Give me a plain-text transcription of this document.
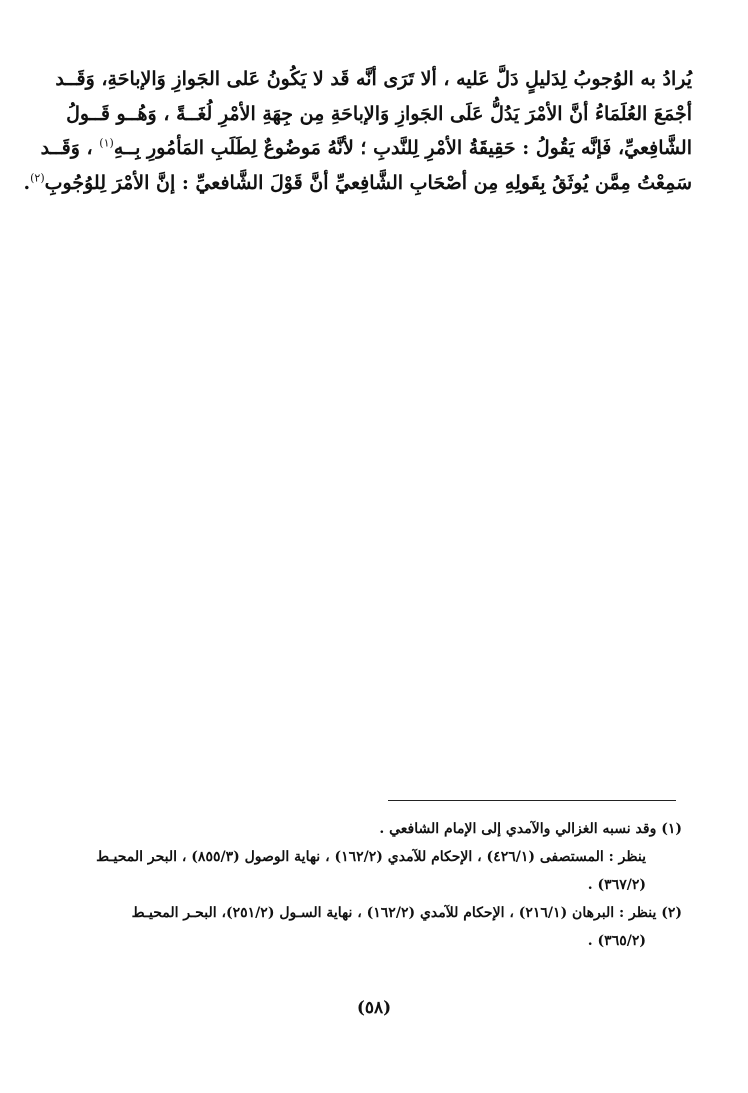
يُرادُ به الوُجوبُ لِدَليلٍ دَلَّ عَليه ، ألا تَرَى أنَّه قَد لا يَكُونُ عَلى الجَوازِ وَالإباحَةِ، وَقَــد
أجْمَعَ العُلَمَاءُ أنَّ الأمْرَ يَدُلُّ عَلَى الجَوازِ وَالإباحَةِ مِن جِهَةِ الأمْرِ لُغَــةً ، وَهُــو قَــولُ
الشَّافِعيِّ، فَإنَّه يَقُولُ : حَقِيقَةُ الأمْرِ لِلنَّدبِ ؛ لأنَّهُ مَوضُوعٌ لِطَلَبِ المَأمُورِ بِــهِ$^{(١)}$ ، وَقَــد
سَمِعْتُ مِمَّن يُوثَقُ بِقَولِهِ مِن أصْحَابِ الشَّافِعيِّ أنَّ قَوْلَ الشَّافعيِّ : إنَّ الأمْرَ لِلوُجُوبِ$^{(٢)}$.
(١) وقد نسبه الغزالي والآمدي إلى الإمام الشافعي .
ينظر : المستصفى (٤٢٦/١) ، الإحكام للآمدي (١٦٢/٢) ، نهاية الوصول (٨٥٥/٣) ، البحر المحيـط
(٣٦٧/٢) .
(٢) ينظر : البرهان (٢١٦/١) ، الإحكام للآمدي (١٦٢/٢) ، نهاية السـول (٢٥١/٢)، البحـر المحيـط
(٣٦٥/٢) .
(٥٨)
